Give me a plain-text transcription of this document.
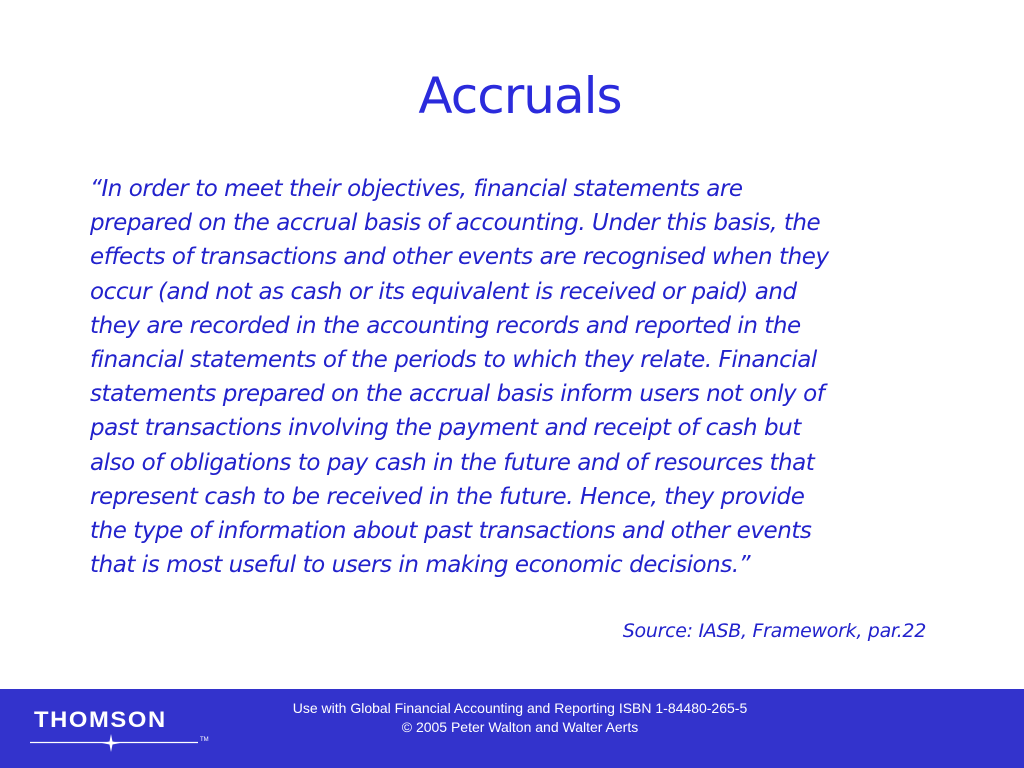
Accruals

“In order to meet their objectives, financial statements are
prepared on the accrual basis of accounting. Under this basis, the
effects of transactions and other events are recognised when they
occur (and not as cash or its equivalent is received or paid) and
they are recorded in the accounting records and reported in the
financial statements of the periods to which they relate. Financial
statements prepared on the accrual basis inform users not only of
past transactions involving the payment and receipt of cash but
also of obligations to pay cash in the future and of resources that
represent cash to be received in the future. Hence, they provide
the type of information about past transactions and other events
that is most useful to users in making economic decisions.”

Source: IASB, Framework, par.22
THOMSON
TM
Use with Global Financial Accounting and Reporting ISBN 1-84480-265-5
© 2005 Peter Walton and Walter Aerts
